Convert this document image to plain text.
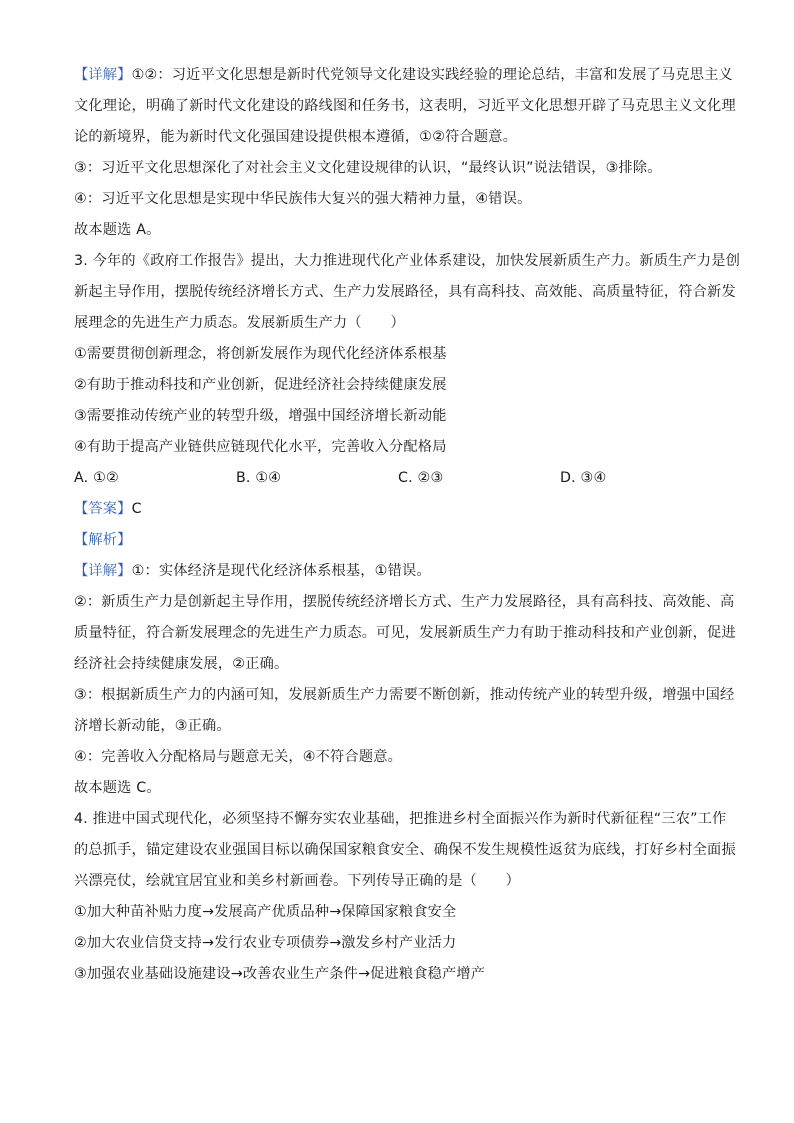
【详解】①②：习近平文化思想是新时代党领导文化建设实践经验的理论总结，丰富和发展了马克思主义
文化理论，明确了新时代文化建设的路线图和任务书，这表明，习近平文化思想开辟了马克思主义文化理
论的新境界，能为新时代文化强国建设提供根本遵循，①②符合题意。
③：习近平文化思想深化了对社会主义文化建设规律的认识，“最终认识”说法错误，③排除。
④：习近平文化思想是实现中华民族伟大复兴的强大精神力量，④错误。
故本题选 A。
3. 今年的《政府工作报告》提出，大力推进现代化产业体系建设，加快发展新质生产力。新质生产力是创
新起主导作用，摆脱传统经济增长方式、生产力发展路径，具有高科技、高效能、高质量特征，符合新发
展理念的先进生产力质态。发展新质生产力（　　）
①需要贯彻创新理念，将创新发展作为现代化经济体系根基
②有助于推动科技和产业创新，促进经济社会持续健康发展
③需要推动传统产业的转型升级，增强中国经济增长新动能
④有助于提高产业链供应链现代化水平，完善收入分配格局
A. ①②	B. ①④	C. ②③	D. ③④
【答案】C
【解析】
【详解】①：实体经济是现代化经济体系根基，①错误。
②：新质生产力是创新起主导作用，摆脱传统经济增长方式、生产力发展路径，具有高科技、高效能、高
质量特征，符合新发展理念的先进生产力质态。可见，发展新质生产力有助于推动科技和产业创新，促进
经济社会持续健康发展，②正确。
③：根据新质生产力的内涵可知，发展新质生产力需要不断创新，推动传统产业的转型升级，增强中国经
济增长新动能，③正确。
④：完善收入分配格局与题意无关，④不符合题意。
故本题选 C。
4. 推进中国式现代化，必须坚持不懈夯实农业基础，把推进乡村全面振兴作为新时代新征程“三农”工作
的总抓手，锚定建设农业强国目标以确保国家粮食安全、确保不发生规模性返贫为底线，打好乡村全面振
兴漂亮仗，绘就宜居宜业和美乡村新画卷。下列传导正确的是（　　）
①加大种苗补贴力度→发展高产优质品种→保障国家粮食安全
②加大农业信贷支持→发行农业专项债券→激发乡村产业活力
③加强农业基础设施建设→改善农业生产条件→促进粮食稳产增产
